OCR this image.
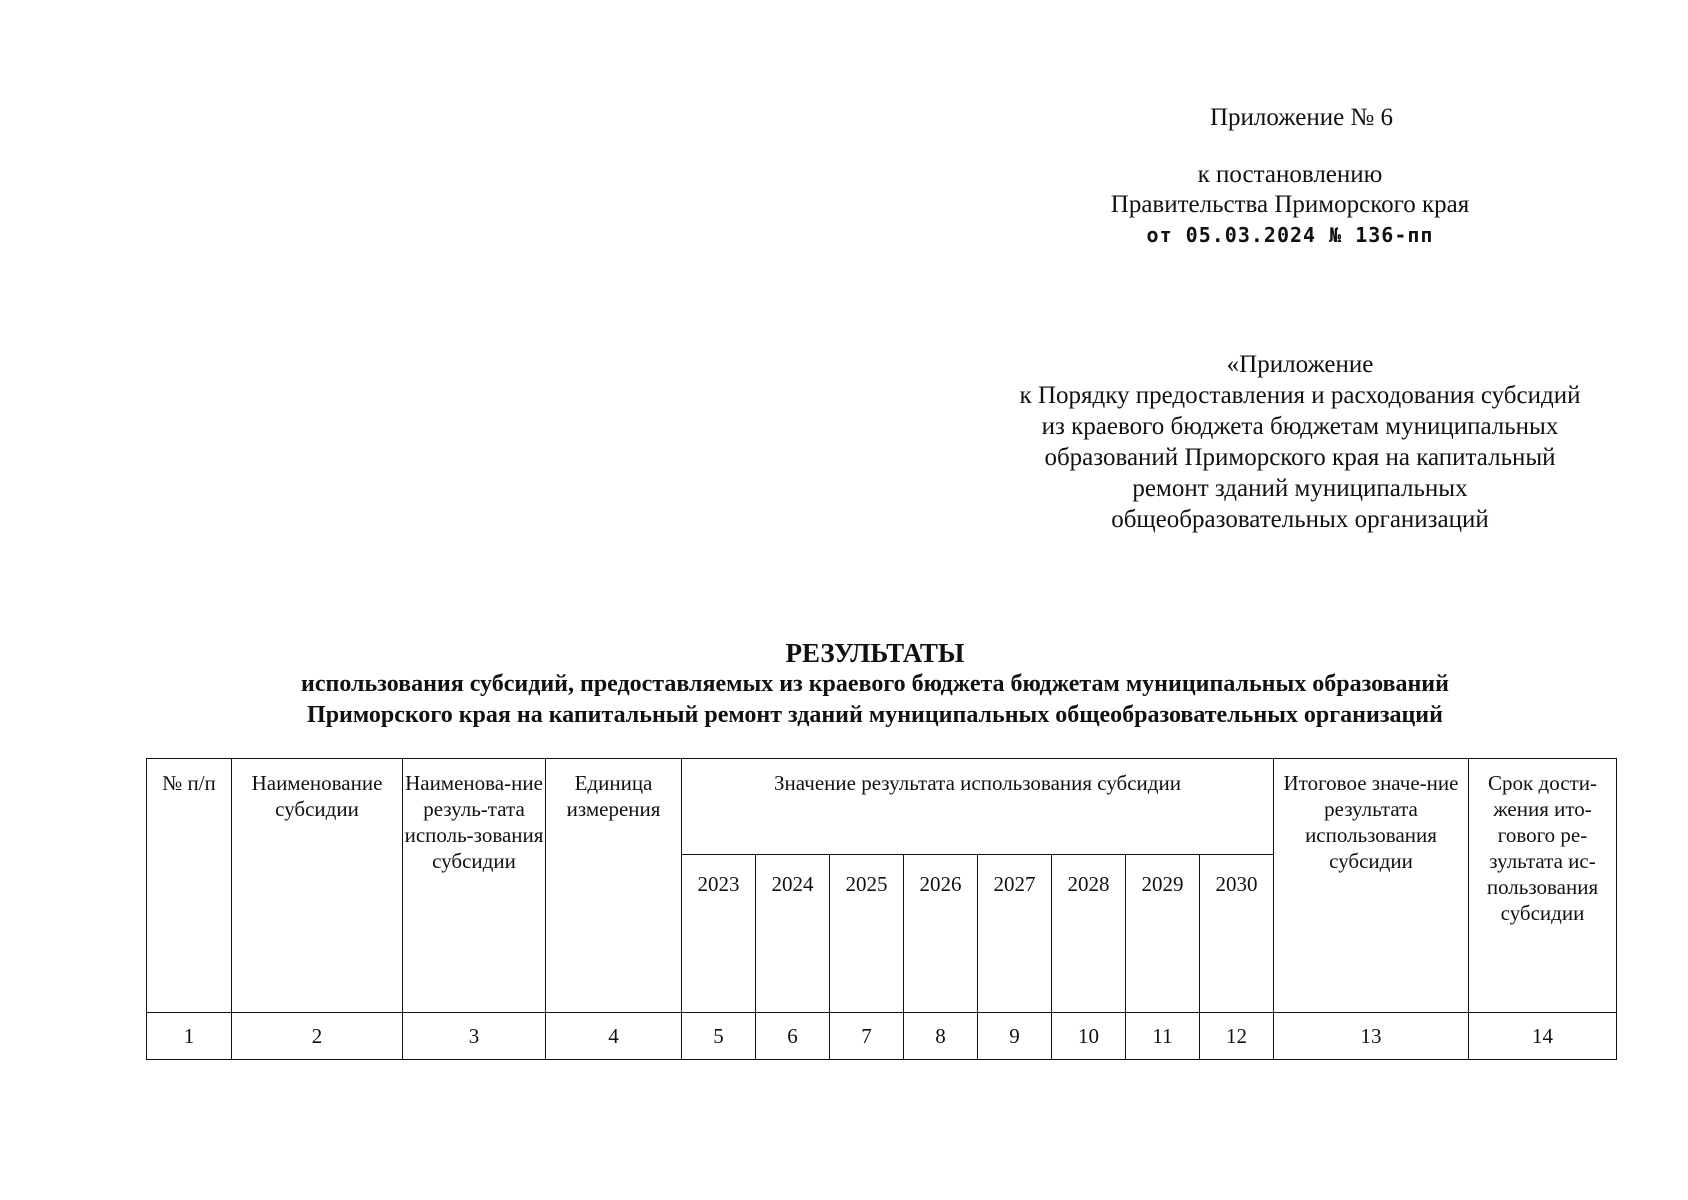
Приложение № 6
к постановлению
Правительства Приморского края
от 05.03.2024 № 136-пп
«Приложение
к Порядку предоставления и расходования субсидий
из краевого бюджета бюджетам муниципальных
образований Приморского края на капитальный
ремонт зданий муниципальных
общеобразовательных организаций
РЕЗУЛЬТАТЫ
использования субсидий, предоставляемых из краевого бюджета бюджетам муниципальных образований
Приморского края на капитальный ремонт зданий муниципальных общеобразовательных организаций
№ п/п	Наименование субсидии	Наименова-ние резуль-тата исполь-зования субсидии	Единица измерения	Значение результата использования субсидии								Итоговое значе-ние результата использования субсидии	Срок дости-жения ито-гового ре-зультата ис-пользования субсидии
				2023	2024	2025	2026	2027	2028	2029	2030		
1	2	3	4	5	6	7	8	9	10	11	12	13	14
